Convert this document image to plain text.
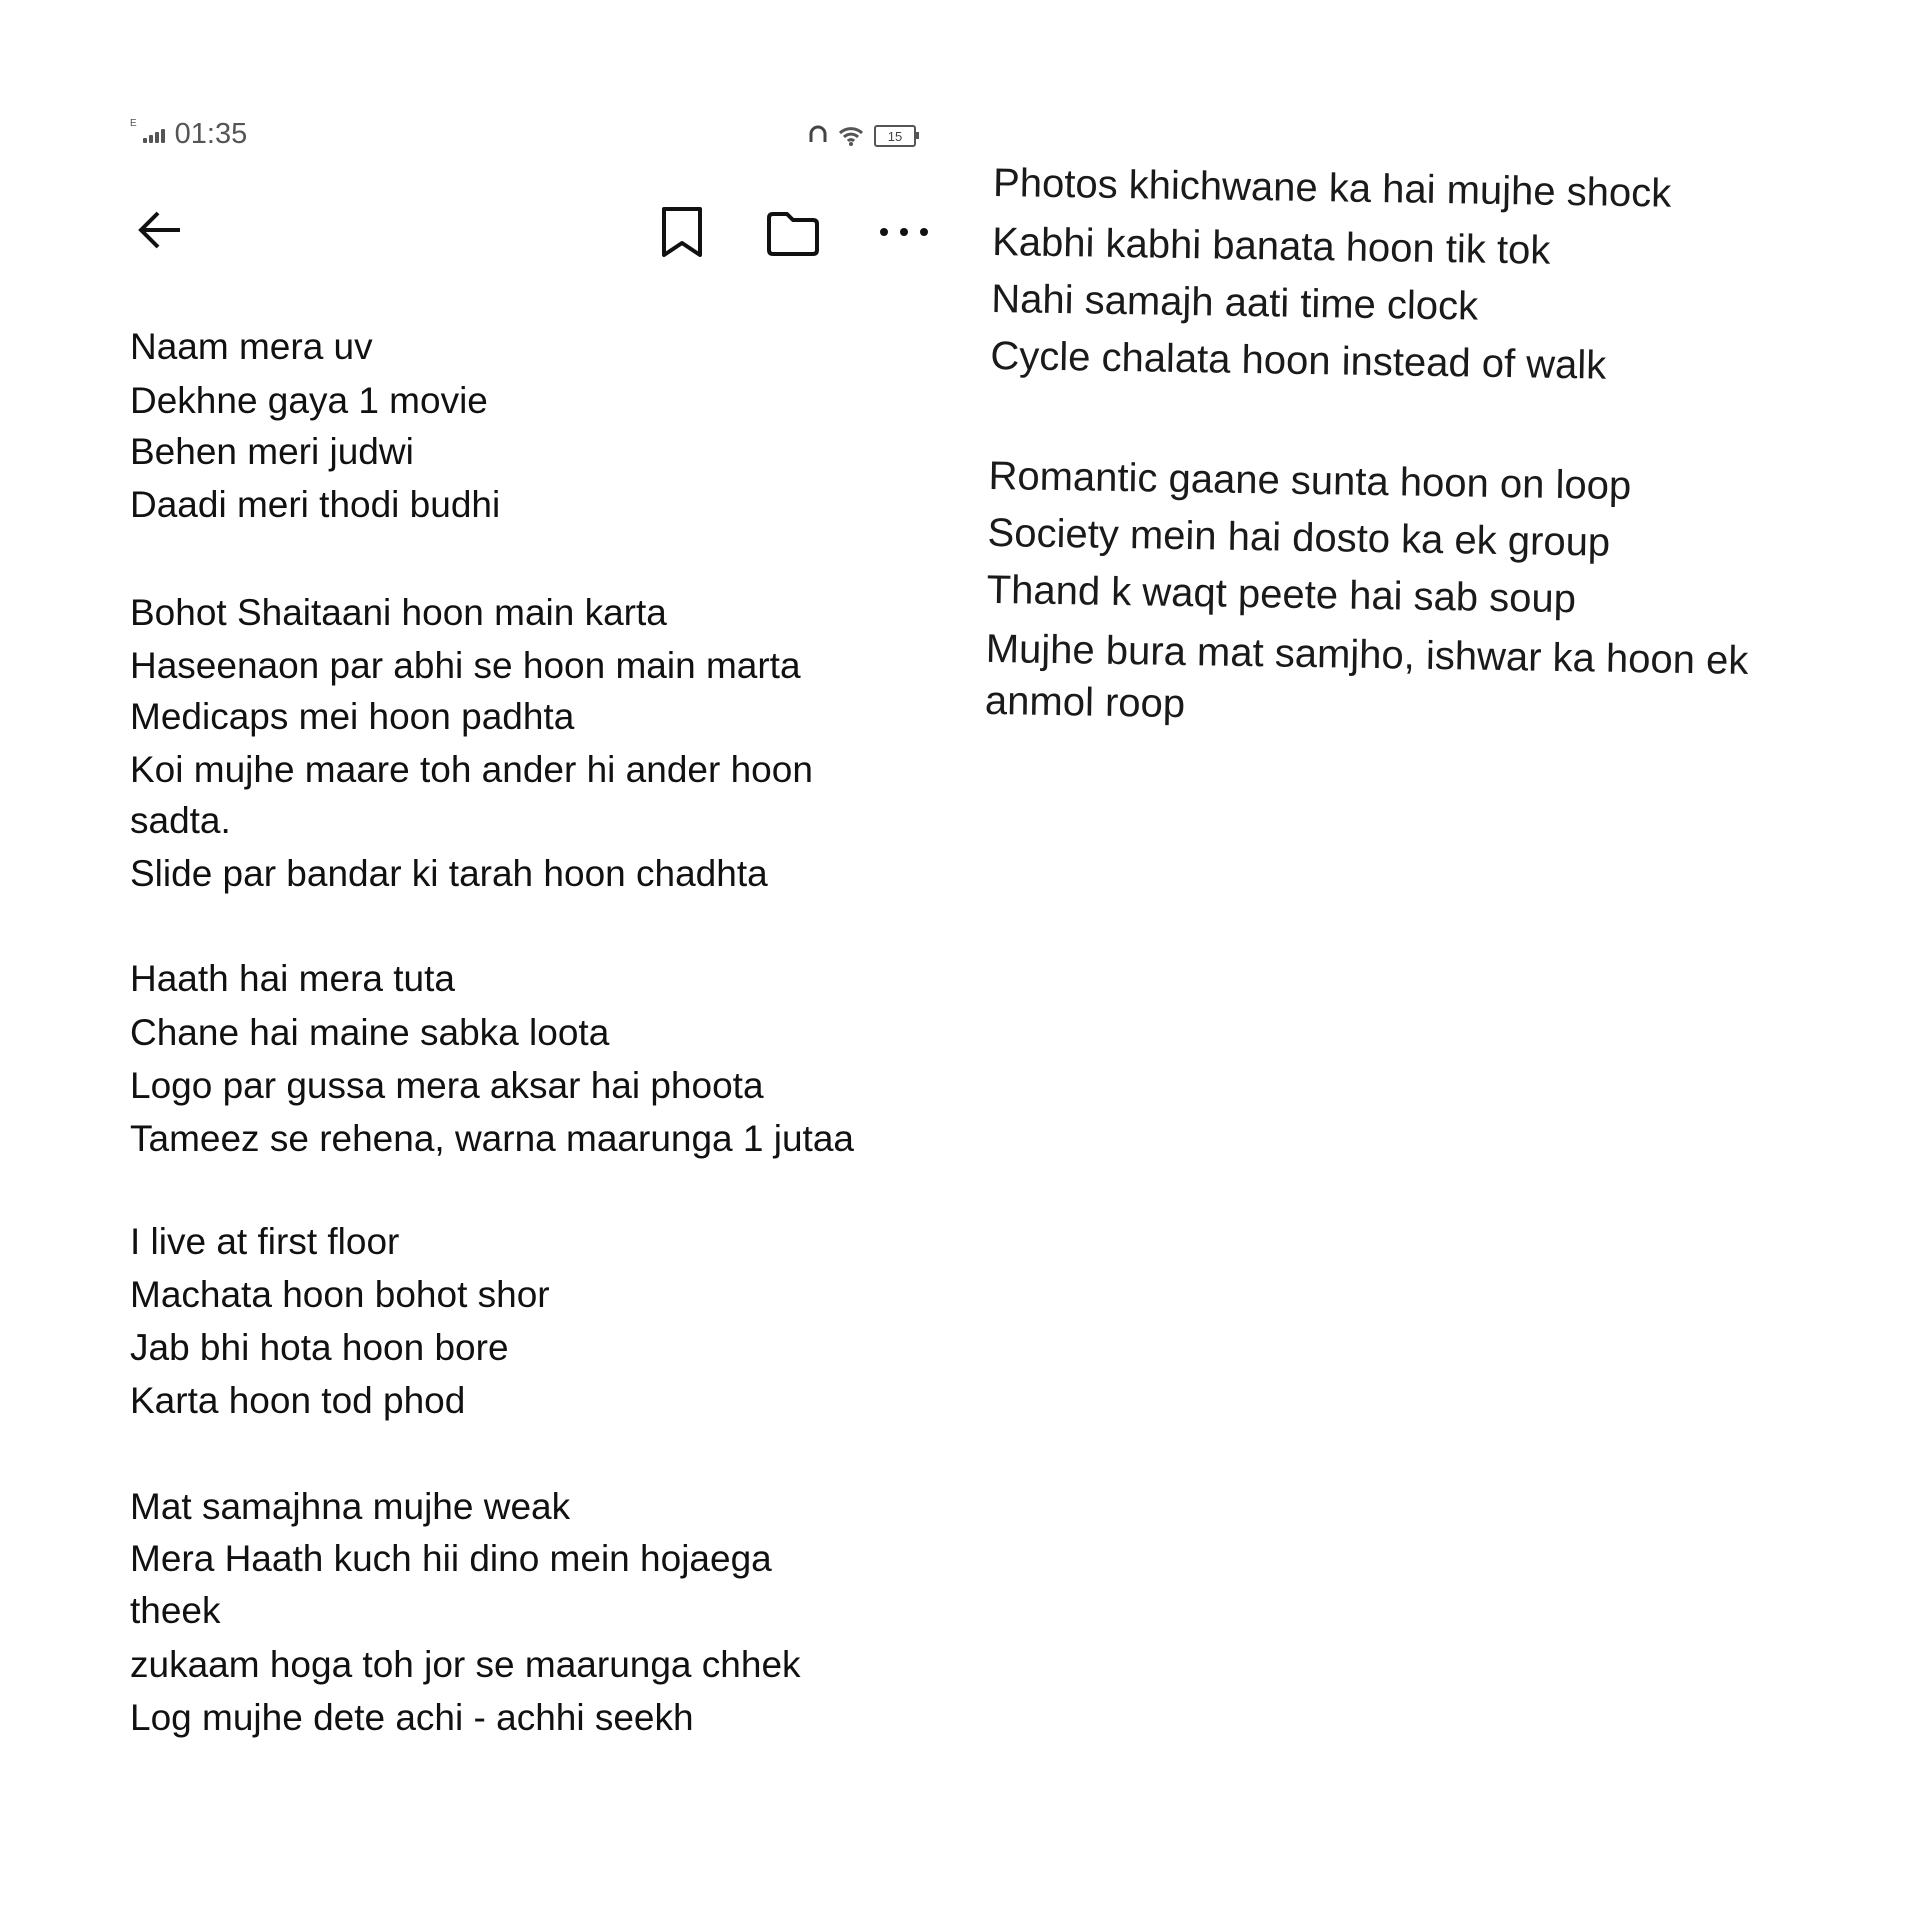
E 01:35	15
Naam mera uv
Dekhne gaya 1 movie
Behen meri judwi
Daadi meri thodi budhi
Bohot Shaitaani hoon main karta
Haseenaon par abhi se hoon main marta
Medicaps mei hoon padhta
Koi mujhe maare toh ander hi ander hoon
sadta.
Slide par bandar ki tarah hoon chadhta
Haath hai mera tuta
Chane hai maine sabka loota
Logo par gussa mera aksar hai phoota
Tameez se rehena, warna maarunga 1 jutaa
I live at first floor
Machata hoon bohot shor
Jab bhi hota hoon bore
Karta hoon tod phod
Mat samajhna mujhe weak
Mera Haath kuch hii dino mein hojaega
theek
zukaam hoga toh jor se maarunga chhek
Log mujhe dete achi - achhi seekh
Photos khichwane ka hai mujhe shock
Kabhi kabhi banata hoon tik tok
Nahi samajh aati time clock
Cycle chalata hoon instead of walk
Romantic gaane sunta hoon on loop
Society mein hai dosto ka ek group
Thand k waqt peete hai sab soup
Mujhe bura mat samjho, ishwar ka hoon ek
anmol roop
